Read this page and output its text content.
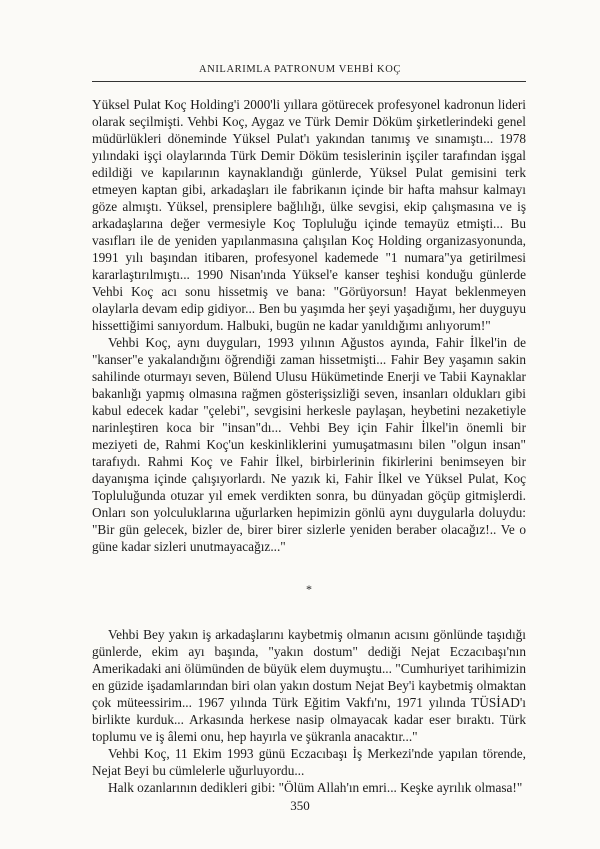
ANILARIMLA PATRONUM VEHBİ KOÇ

Yüksel Pulat Koç Holding'i 2000'li yıllara götürecek profesyonel kadronun lideri olarak seçilmişti. Vehbi Koç, Aygaz ve Türk Demir Döküm şirketlerindeki genel müdürlükleri döneminde Yüksel Pulat'ı yakından tanımış ve sınamıştı... 1978 yılındaki işçi olaylarında Türk Demir Döküm tesislerinin işçiler tarafından işgal edildiği ve kapılarının kaynaklandığı günlerde, Yüksel Pulat gemisini terk etmeyen kaptan gibi, arkadaşları ile fabrikanın içinde bir hafta mahsur kalmayı göze almıştı. Yüksel, prensiplere bağlılığı, ülke sevgisi, ekip çalışmasına ve iş arkadaşlarına değer vermesiyle Koç Topluluğu içinde temayüz etmişti... Bu vasıfları ile de yeniden yapılanmasına çalışılan Koç Holding organizasyonunda, 1991 yılı başından itibaren, profesyonel kademede "1 numara"ya getirilmesi kararlaştırılmıştı... 1990 Nisan'ında Yüksel'e kanser teşhisi konduğu günlerde Vehbi Koç acı sonu hissetmiş ve bana: "Görüyorsun! Hayat beklenmeyen olaylarla devam edip gidiyor... Ben bu yaşımda her şeyi yaşadığımı, her duyguyu hissettiğimi sanıyordum. Halbuki, bugün ne kadar yanıldığımı anlıyorum!"

Vehbi Koç, aynı duyguları, 1993 yılının Ağustos ayında, Fahir İlkel'in de "kanser"e yakalandığını öğrendiği zaman hissetmişti... Fahir Bey yaşamın sakin sahilinde oturmayı seven, Bülend Ulusu Hükümetinde Enerji ve Tabii Kaynaklar bakanlığı yapmış olmasına rağmen gösterişsizliği seven, insanları oldukları gibi kabul edecek kadar "çelebi", sevgisini herkesle paylaşan, heybetini nezaketiyle narinleştiren koca bir "insan"dı... Vehbi Bey için Fahir İlkel'in önemli bir meziyeti de, Rahmi Koç'un keskinliklerini yumuşatmasını bilen "olgun insan" tarafıydı. Rahmi Koç ve Fahir İlkel, birbirlerinin fikirlerini benimseyen bir dayanışma içinde çalışıyorlardı. Ne yazık ki, Fahir İlkel ve Yüksel Pulat, Koç Topluluğunda otuzar yıl emek verdikten sonra, bu dünyadan göçüp gitmişlerdi. Onları son yolculuklarına uğurlarken hepimizin gönlü aynı duygularla doluydu: "Bir gün gelecek, bizler de, birer birer sizlerle yeniden beraber olacağız!.. Ve o güne kadar sizleri unutmayacağız..."

*

Vehbi Bey yakın iş arkadaşlarını kaybetmiş olmanın acısını gönlünde taşıdığı günlerde, ekim ayı başında, "yakın dostum" dediği Nejat Eczacıbaşı'nın Amerikadaki ani ölümünden de büyük elem duymuştu... "Cumhuriyet tarihimizin en güzide işadamlarından biri olan yakın dostum Nejat Bey'i kaybetmiş olmaktan çok müteessirim... 1967 yılında Türk Eğitim Vakfı'nı, 1971 yılında TÜSİAD'ı birlikte kurduk... Arkasında herkese nasip olmayacak kadar eser bıraktı. Türk toplumu ve iş âlemi onu, hep hayırla ve şükranla anacaktır..."

Vehbi Koç, 11 Ekim 1993 günü Eczacıbaşı İş Merkezi'nde yapılan törende, Nejat Beyi bu cümlelerle uğurluyordu...

Halk ozanlarının dedikleri gibi: "Ölüm Allah'ın emri... Keşke ayrılık olmasa!"

350
